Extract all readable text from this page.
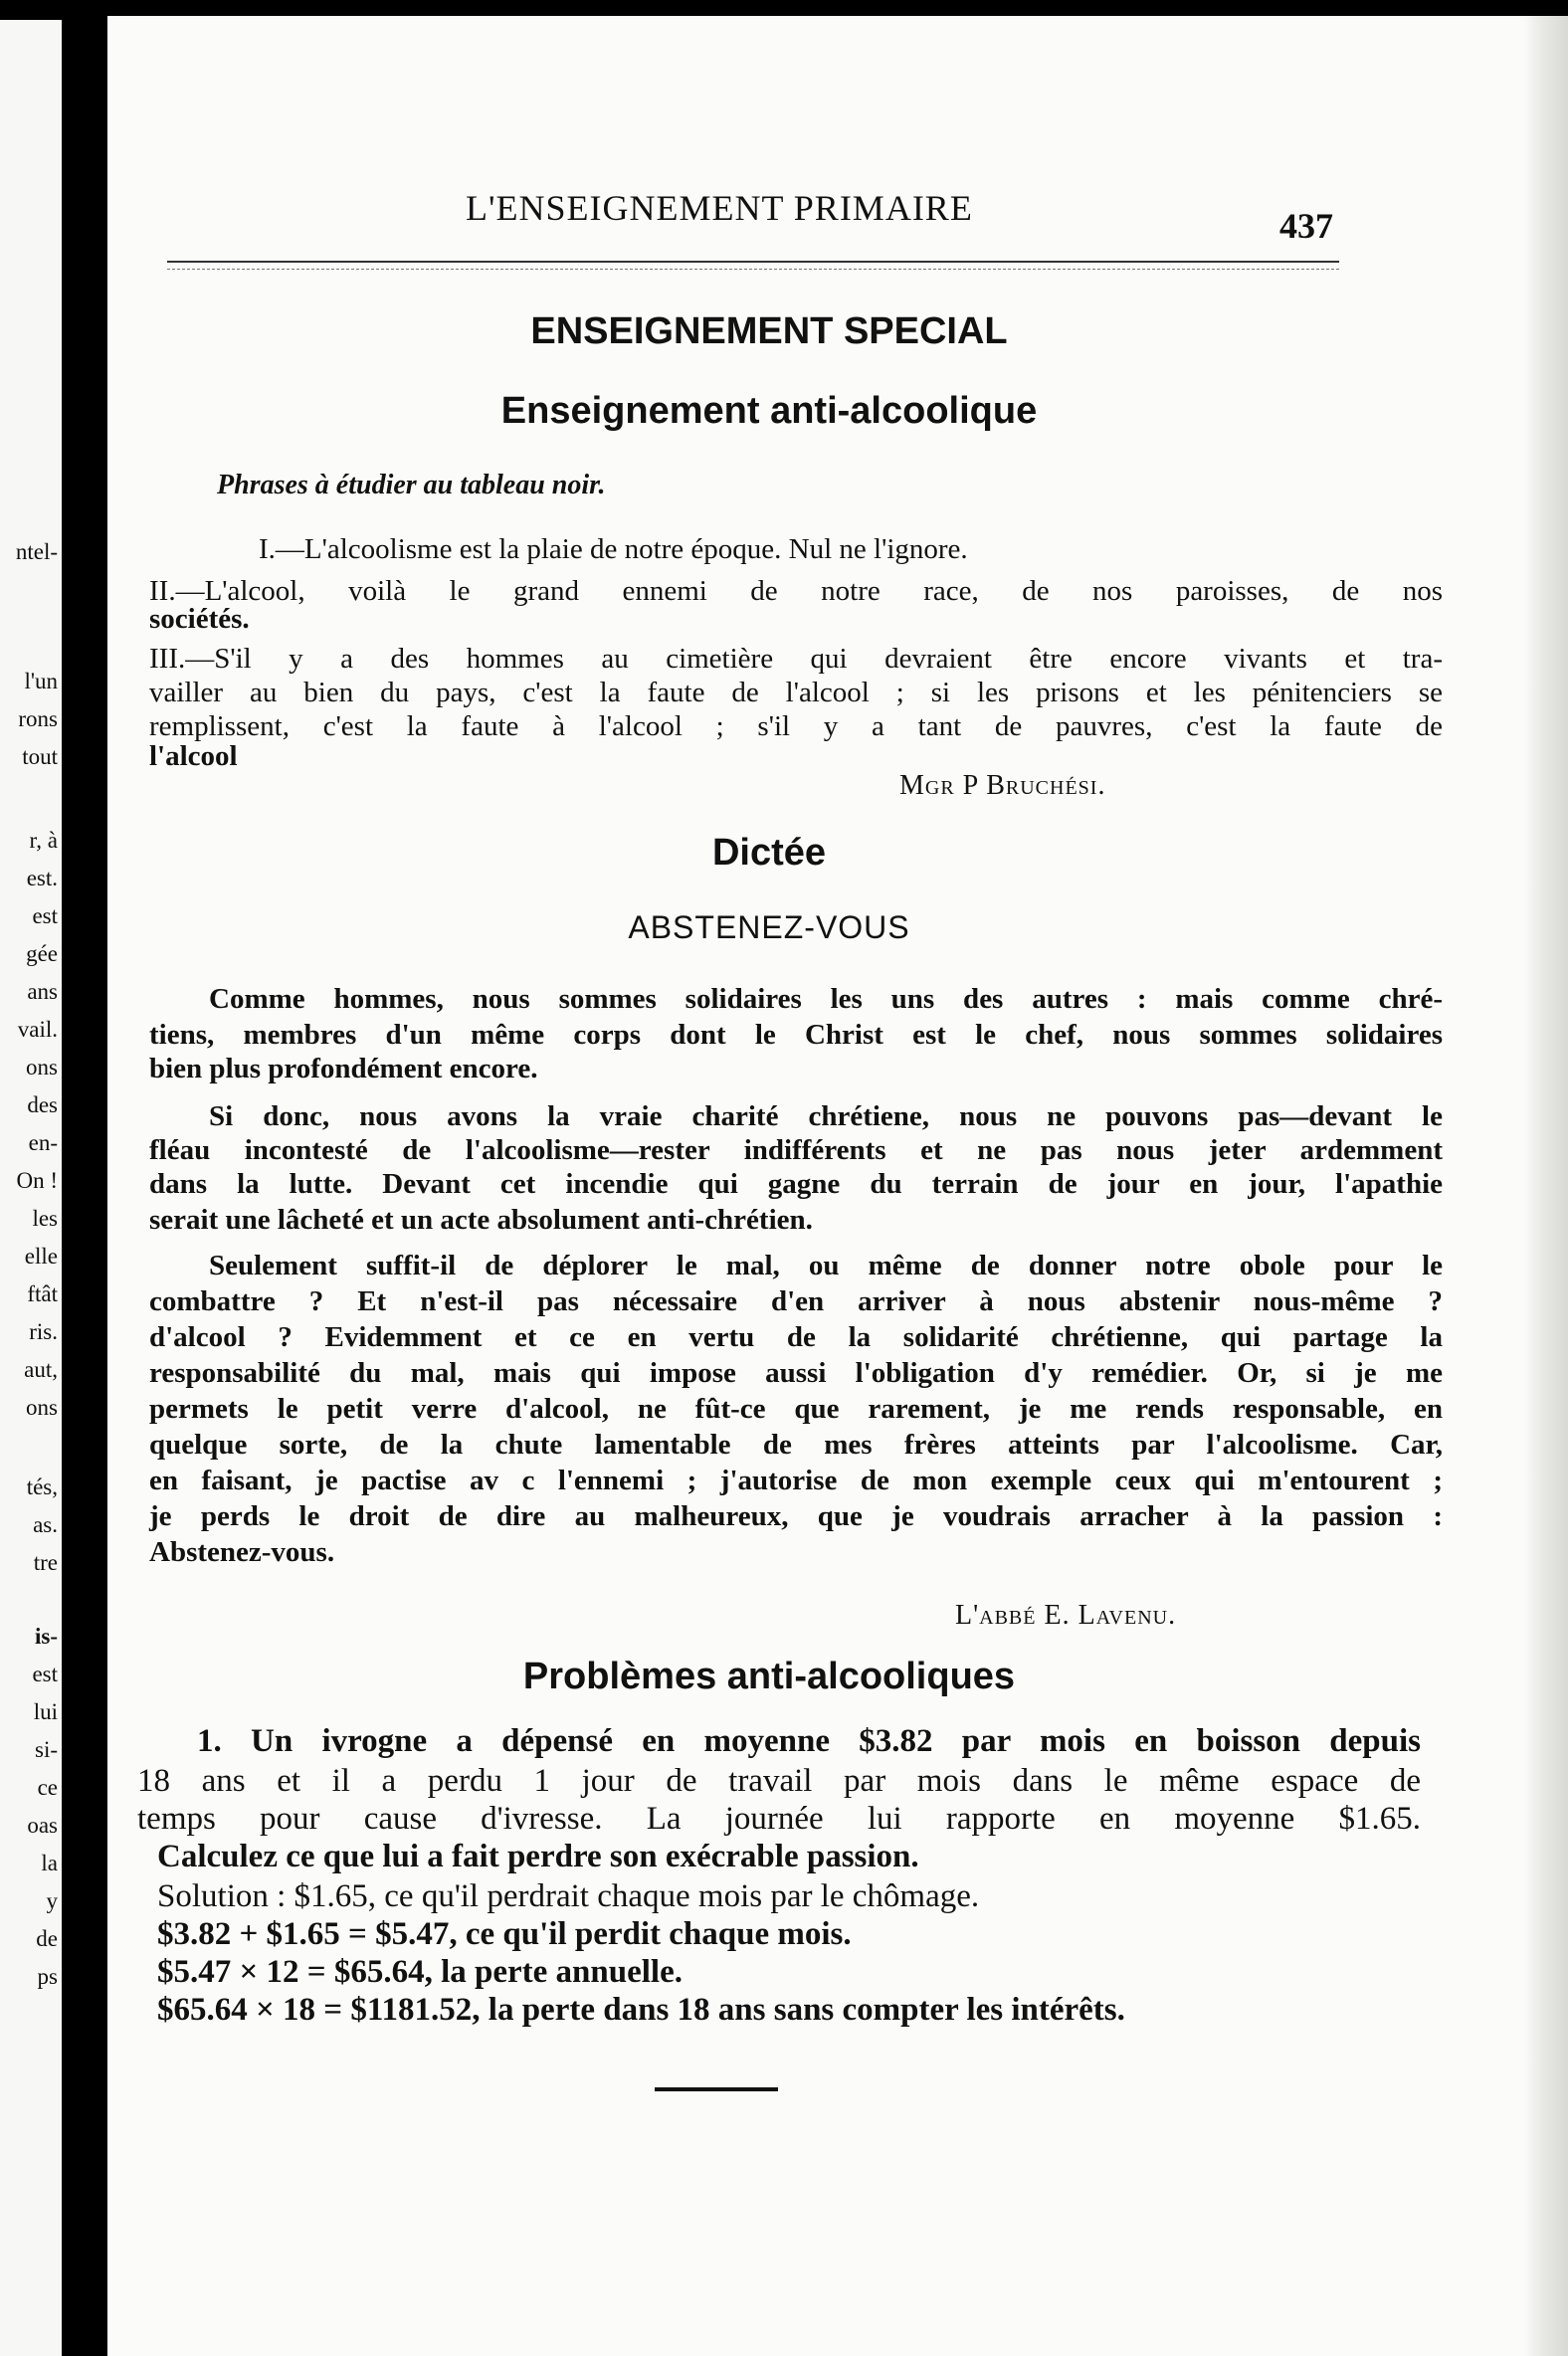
ntel-
l'un
rons
tout
r, à
est.
est
gée
ans
vail.
ons
des
en-
On !
les
elle
ftât
ris.
aut,
ons
tés,
as.
tre
is-
est
lui
si-
ce
oas
la
y
de
ps
L'ENSEIGNEMENT PRIMAIRE	437
ENSEIGNEMENT SPECIAL
Enseignement anti-alcoolique
Phrases à étudier au tableau noir.
I.—L'alcoolisme est la plaie de notre époque. Nul ne l'ignore.
II.—L'alcool, voilà le grand ennemi de notre race, de nos paroisses, de nos
sociétés.
III.—S'il y a des hommes au cimetière qui devraient être encore vivants et tra-
vailler au bien du pays, c'est la faute de l'alcool ; si les prisons et les pénitenciers se
remplissent, c'est la faute à l'alcool ; s'il y a tant de pauvres, c'est la faute de
l'alcool
Mgr P Bruchési.
Dictée
ABSTENEZ-VOUS
Comme hommes, nous sommes solidaires les uns des autres : mais comme chré-
tiens, membres d'un même corps dont le Christ est le chef, nous sommes solidaires
bien plus profondément encore.
Si donc, nous avons la vraie charité chrétiene, nous ne pouvons pas—devant le
fléau incontesté de l'alcoolisme—rester indifférents et ne pas nous jeter ardemment
dans la lutte. Devant cet incendie qui gagne du terrain de jour en jour, l'apathie
serait une lâcheté et un acte absolument anti-chrétien.
Seulement suffit-il de déplorer le mal, ou même de donner notre obole pour le
combattre ? Et n'est-il pas nécessaire d'en arriver à nous abstenir nous-même ?
d'alcool ? Evidemment et ce en vertu de la solidarité chrétienne, qui partage la
responsabilité du mal, mais qui impose aussi l'obligation d'y remédier. Or, si je me
permets le petit verre d'alcool, ne fût-ce que rarement, je me rends responsable, en
quelque sorte, de la chute lamentable de mes frères atteints par l'alcoolisme. Car,
en faisant, je pactise av c l'ennemi ; j'autorise de mon exemple ceux qui m'entourent ;
je perds le droit de dire au malheureux, que je voudrais arracher à la passion :
Abstenez-vous.
L'abbé E. Lavenu.
Problèmes anti-alcooliques
1. Un ivrogne a dépensé en moyenne $3.82 par mois en boisson depuis
18 ans et il a perdu 1 jour de travail par mois dans le même espace de
temps pour cause d'ivresse. La journée lui rapporte en moyenne $1.65.
Calculez ce que lui a fait perdre son exécrable passion.
Solution : $1.65, ce qu'il perdrait chaque mois par le chômage.
$3.82 + $1.65 = $5.47, ce qu'il perdit chaque mois.
$5.47 × 12 = $65.64, la perte annuelle.
$65.64 × 18 = $1181.52, la perte dans 18 ans sans compter les intérêts.
